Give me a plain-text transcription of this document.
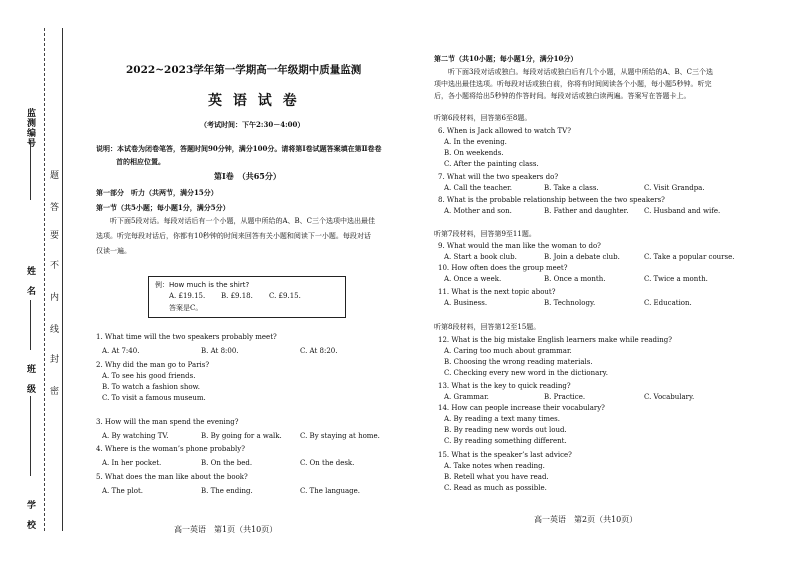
监测编号
姓　名
班　级
学　校
题
答
要
不
内
线
封
密
2022~2023学年第一学期高一年级期中质量监测
英 语 试 卷
（考试时间：下午2:30－4:00）
说明：本试卷为闭卷笔答，答题时间90分钟，满分100分。请将第Ⅰ卷试题答案填在第Ⅱ卷卷
首的相应位置。
第Ⅰ卷　（共65分）
第一部分　听力（共两节，满分15分）
第一节（共5小题；每小题1分，满分5分）
听下面5段对话。每段对话后有一个小题，从题中所给的A、B、C三个选项中选出最佳
选项。听完每段对话后，你都有10秒钟的时间来回答有关小题和阅读下一小题。每段对话
仅读一遍。
例：How much is the shirt?
A. £19.15. B. £9.18. C. £9.15.
答案是C。
1. What time will the two speakers probably meet?
A. At 7:40.	B. At 8:00.	C. At 8:20.
2. Why did the man go to Paris?
A. To see his good friends.
B. To watch a fashion show.
C. To visit a famous museum.
3. How will the man spend the evening?
A. By watching TV.	B. By going for a walk.	C. By staying at home.
4. Where is the woman’s phone probably?
A. In her pocket.	B. On the bed.	C. On the desk.
5. What does the man like about the book?
A. The plot.	B. The ending.	C. The language.
高一英语　第1页（共10页）
第二节（共10小题；每小题1分，满分10分）
听下面3段对话或独白。每段对话或独白后有几个小题，从题中所给的A、B、C三个选
项中选出最佳选项。听每段对话或独白前，你将有时间阅读各个小题，每小题5秒钟。听完
后，各小题将给出5秒钟的作答时间。每段对话或独白读两遍。答案写在答题卡上。
听第6段材料，回答第6至8题。
听第7段材料，回答第9至11题。
听第8段材料，回答第12至15题。
6. When is Jack allowed to watch TV?
A. In the evening.
B. On weekends.
C. After the painting class.
7. What will the two speakers do?
A. Call the teacher.	B. Take a class.	C. Visit Grandpa.
8. What is the probable relationship between the two speakers?
A. Mother and son.	B. Father and daughter. C. Husband and wife.
9. What would the man like the woman to do?
A. Start a book club.	B. Join a debate club.	C. Take a popular course.
10. How often does the group meet?
A. Once a week.	B. Once a month.	C. Twice a month.
11. What is the next topic about?
A. Business.	B. Technology.	C. Education.
12. What is the big mistake English learners make while reading?
A. Caring too much about grammar.
B. Choosing the wrong reading materials.
C. Checking every new word in the dictionary.
13. What is the key to quick reading?
A. Grammar.	B. Practice.	C. Vocabulary.
14. How can people increase their vocabulary?
A. By reading a text many times.
B. By reading new words out loud.
C. By reading something different.
15. What is the speaker’s last advice?
A. Take notes when reading.
B. Retell what you have read.
C. Read as much as possible.
高一英语　第2页（共10页）
